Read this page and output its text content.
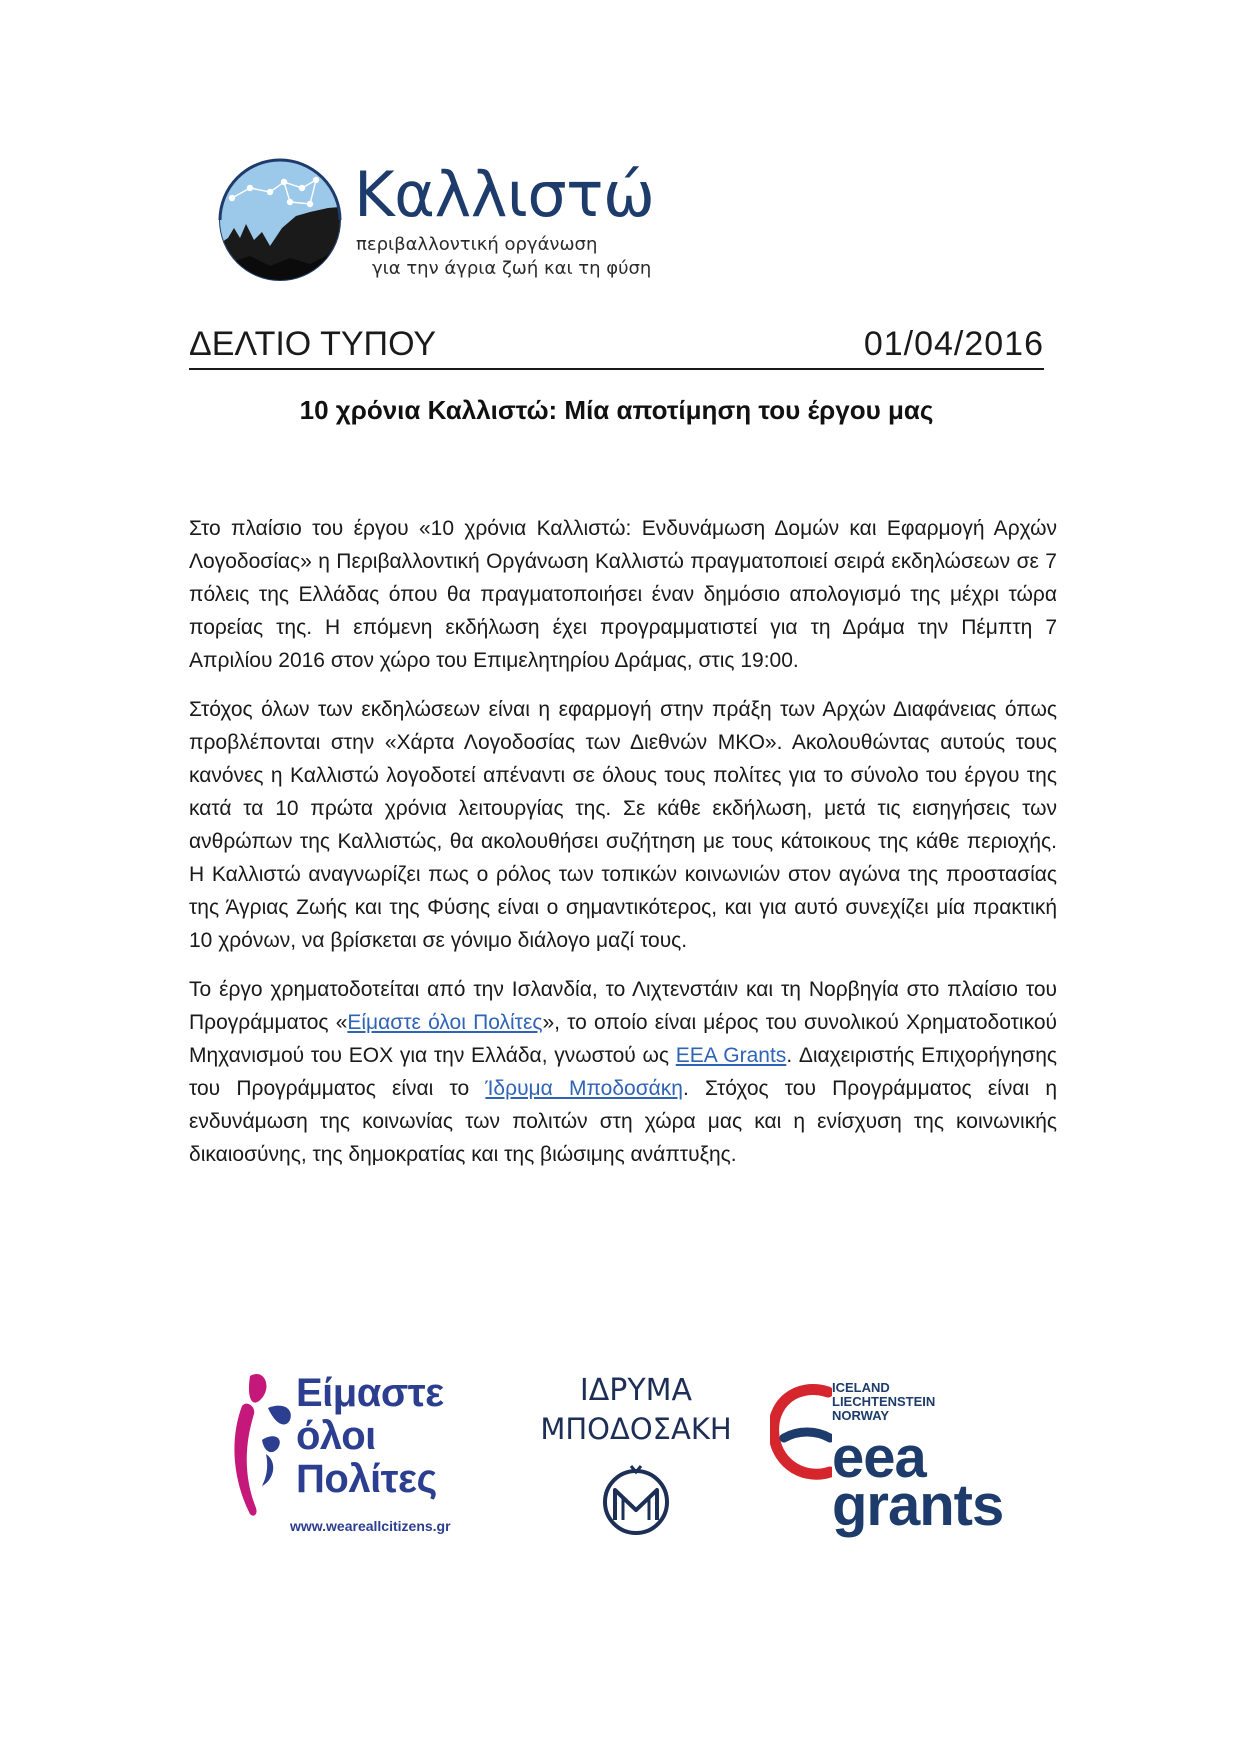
Καλλιστώ
περιβαλλοντική οργάνωση
για την άγρια ζωή και τη φύση
ΔΕΛΤΙΟ ΤΥΠΟΥ	01/04/2016
10 χρόνια Καλλιστώ: Μία αποτίμηση του έργου μας

Στο πλαίσιο του έργου «10 χρόνια Καλλιστώ: Ενδυνάμωση Δομών και Εφαρμογή Αρχών Λογοδοσίας» η Περιβαλλοντική Οργάνωση Καλλιστώ πραγματοποιεί σειρά εκδηλώσεων σε 7 πόλεις της Ελλάδας όπου θα πραγματοποιήσει έναν δημόσιο απολογισμό της μέχρι τώρα πορείας της. Η επόμενη εκδήλωση έχει προγραμματιστεί για τη Δράμα την Πέμπτη 7 Απριλίου 2016 στον χώρο του Επιμελητηρίου Δράμας, στις 19:00.

Στόχος όλων των εκδηλώσεων είναι η εφαρμογή στην πράξη των Αρχών Διαφάνειας όπως προβλέπονται στην «Χάρτα Λογοδοσίας των Διεθνών ΜΚΟ». Ακολουθώντας αυτούς τους κανόνες η Καλλιστώ λογοδοτεί απέναντι σε όλους τους πολίτες για το σύνολο του έργου της κατά τα 10 πρώτα χρόνια λειτουργίας της. Σε κάθε εκδήλωση, μετά τις εισηγήσεις των ανθρώπων της Καλλιστώς, θα ακολουθήσει συζήτηση με τους κάτοικους της κάθε περιοχής. Η Καλλιστώ αναγνωρίζει πως ο ρόλος των τοπικών κοινωνιών στον αγώνα της προστασίας της Άγριας Ζωής και της Φύσης είναι ο σημαντικότερος, και για αυτό συνεχίζει μία πρακτική 10 χρόνων, να βρίσκεται σε γόνιμο διάλογο μαζί τους.

Το έργο χρηματοδοτείται από την Ισλανδία, το Λιχτενστάιν και τη Νορβηγία στο πλαίσιο του Προγράμματος «Είμαστε όλοι Πολίτες», το οποίο είναι μέρος του συνολικού Χρηματοδοτικού Μηχανισμού του ΕΟΧ για την Ελλάδα, γνωστού ως EEA Grants. Διαχειριστής Επιχορήγησης του Προγράμματος είναι το Ίδρυμα Μποδοσάκη. Στόχος του Προγράμματος είναι η ενδυνάμωση της κοινωνίας των πολιτών στη χώρα μας και η ενίσχυση της κοινωνικής δικαιοσύνης, της δημοκρατίας και της βιώσιμης ανάπτυξης.

Είμαστε
όλοι
Πολίτες
www.weareallcitizens.gr
ΙΔΡΥΜΑ
ΜΠΟΔΟΣΑΚΗ
ICELAND
LIECHTENSTEIN
NORWAY
eea
grants
